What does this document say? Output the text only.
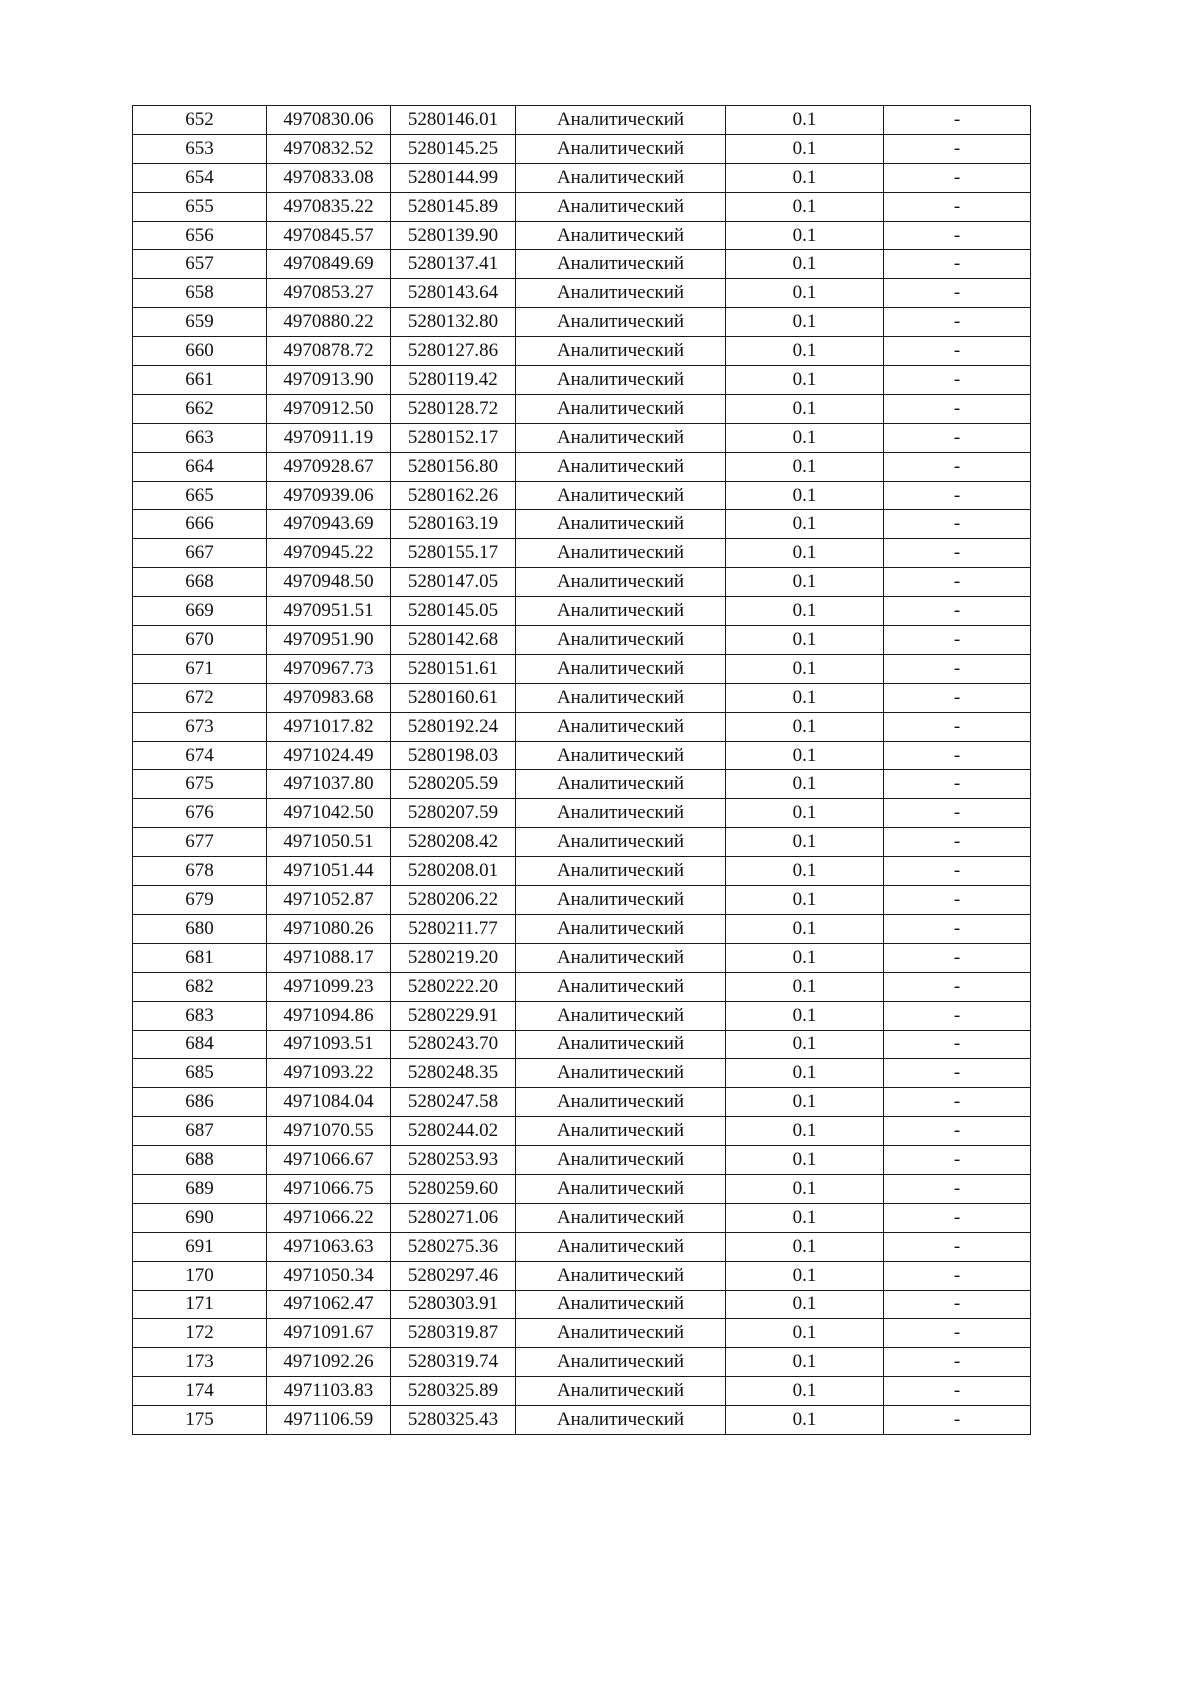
652	4970830.06	5280146.01	Аналитический	0.1	-
653	4970832.52	5280145.25	Аналитический	0.1	-
654	4970833.08	5280144.99	Аналитический	0.1	-
655	4970835.22	5280145.89	Аналитический	0.1	-
656	4970845.57	5280139.90	Аналитический	0.1	-
657	4970849.69	5280137.41	Аналитический	0.1	-
658	4970853.27	5280143.64	Аналитический	0.1	-
659	4970880.22	5280132.80	Аналитический	0.1	-
660	4970878.72	5280127.86	Аналитический	0.1	-
661	4970913.90	5280119.42	Аналитический	0.1	-
662	4970912.50	5280128.72	Аналитический	0.1	-
663	4970911.19	5280152.17	Аналитический	0.1	-
664	4970928.67	5280156.80	Аналитический	0.1	-
665	4970939.06	5280162.26	Аналитический	0.1	-
666	4970943.69	5280163.19	Аналитический	0.1	-
667	4970945.22	5280155.17	Аналитический	0.1	-
668	4970948.50	5280147.05	Аналитический	0.1	-
669	4970951.51	5280145.05	Аналитический	0.1	-
670	4970951.90	5280142.68	Аналитический	0.1	-
671	4970967.73	5280151.61	Аналитический	0.1	-
672	4970983.68	5280160.61	Аналитический	0.1	-
673	4971017.82	5280192.24	Аналитический	0.1	-
674	4971024.49	5280198.03	Аналитический	0.1	-
675	4971037.80	5280205.59	Аналитический	0.1	-
676	4971042.50	5280207.59	Аналитический	0.1	-
677	4971050.51	5280208.42	Аналитический	0.1	-
678	4971051.44	5280208.01	Аналитический	0.1	-
679	4971052.87	5280206.22	Аналитический	0.1	-
680	4971080.26	5280211.77	Аналитический	0.1	-
681	4971088.17	5280219.20	Аналитический	0.1	-
682	4971099.23	5280222.20	Аналитический	0.1	-
683	4971094.86	5280229.91	Аналитический	0.1	-
684	4971093.51	5280243.70	Аналитический	0.1	-
685	4971093.22	5280248.35	Аналитический	0.1	-
686	4971084.04	5280247.58	Аналитический	0.1	-
687	4971070.55	5280244.02	Аналитический	0.1	-
688	4971066.67	5280253.93	Аналитический	0.1	-
689	4971066.75	5280259.60	Аналитический	0.1	-
690	4971066.22	5280271.06	Аналитический	0.1	-
691	4971063.63	5280275.36	Аналитический	0.1	-
170	4971050.34	5280297.46	Аналитический	0.1	-
171	4971062.47	5280303.91	Аналитический	0.1	-
172	4971091.67	5280319.87	Аналитический	0.1	-
173	4971092.26	5280319.74	Аналитический	0.1	-
174	4971103.83	5280325.89	Аналитический	0.1	-
175	4971106.59	5280325.43	Аналитический	0.1	-
